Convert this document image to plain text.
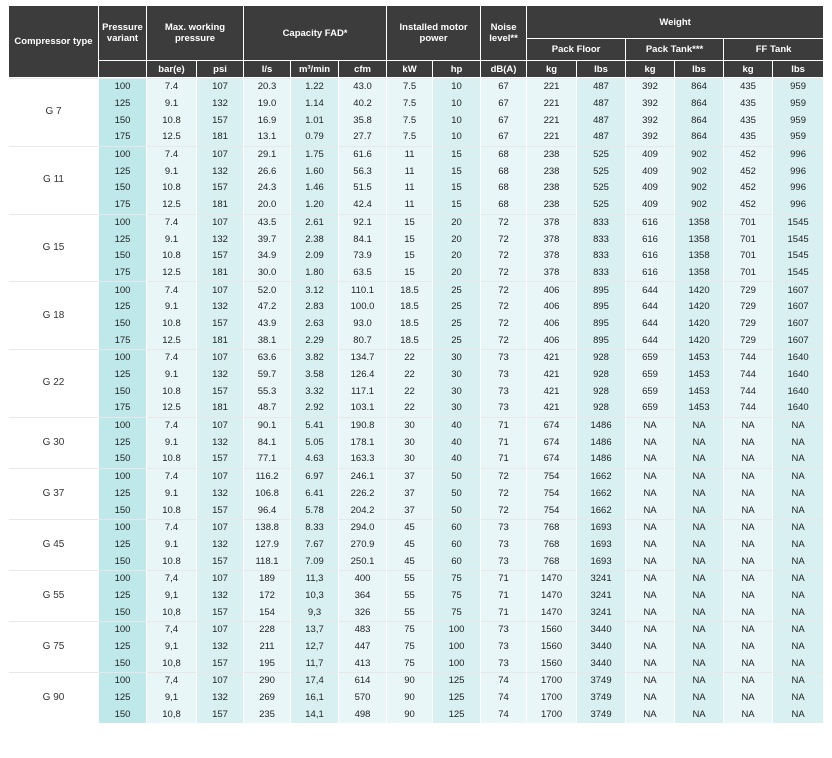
Compressor type	Pressure variant	Max. working pressure		Capacity FAD*			Installed motor power		Noise level**	Weight					
										Pack Floor		Pack Tank***		FF Tank	
		bar(e)	psi	l/s	m³/min	cfm	kW	hp	dB(A)	kg	lbs	kg	lbs	kg	lbs
G 7	100	7.4	107	20.3	1.22	43.0	7.5	10	67	221	487	392	864	435	959
	125	9.1	132	19.0	1.14	40.2	7.5	10	67	221	487	392	864	435	959
	150	10.8	157	16.9	1.01	35.8	7.5	10	67	221	487	392	864	435	959
	175	12.5	181	13.1	0.79	27.7	7.5	10	67	221	487	392	864	435	959
G 11	100	7.4	107	29.1	1.75	61.6	11	15	68	238	525	409	902	452	996
	125	9.1	132	26.6	1.60	56.3	11	15	68	238	525	409	902	452	996
	150	10.8	157	24.3	1.46	51.5	11	15	68	238	525	409	902	452	996
	175	12.5	181	20.0	1.20	42.4	11	15	68	238	525	409	902	452	996
G 15	100	7.4	107	43.5	2.61	92.1	15	20	72	378	833	616	1358	701	1545
	125	9.1	132	39.7	2.38	84.1	15	20	72	378	833	616	1358	701	1545
	150	10.8	157	34.9	2.09	73.9	15	20	72	378	833	616	1358	701	1545
	175	12.5	181	30.0	1.80	63.5	15	20	72	378	833	616	1358	701	1545
G 18	100	7.4	107	52.0	3.12	110.1	18.5	25	72	406	895	644	1420	729	1607
	125	9.1	132	47.2	2.83	100.0	18.5	25	72	406	895	644	1420	729	1607
	150	10.8	157	43.9	2.63	93.0	18.5	25	72	406	895	644	1420	729	1607
	175	12.5	181	38.1	2.29	80.7	18.5	25	72	406	895	644	1420	729	1607
G 22	100	7.4	107	63.6	3.82	134.7	22	30	73	421	928	659	1453	744	1640
	125	9.1	132	59.7	3.58	126.4	22	30	73	421	928	659	1453	744	1640
	150	10.8	157	55.3	3.32	117.1	22	30	73	421	928	659	1453	744	1640
	175	12.5	181	48.7	2.92	103.1	22	30	73	421	928	659	1453	744	1640
G 30	100	7.4	107	90.1	5.41	190.8	30	40	71	674	1486	NA	NA	NA	NA
	125	9.1	132	84.1	5.05	178.1	30	40	71	674	1486	NA	NA	NA	NA
	150	10.8	157	77.1	4.63	163.3	30	40	71	674	1486	NA	NA	NA	NA
G 37	100	7.4	107	116.2	6.97	246.1	37	50	72	754	1662	NA	NA	NA	NA
	125	9.1	132	106.8	6.41	226.2	37	50	72	754	1662	NA	NA	NA	NA
	150	10.8	157	96.4	5.78	204.2	37	50	72	754	1662	NA	NA	NA	NA
G 45	100	7.4	107	138.8	8.33	294.0	45	60	73	768	1693	NA	NA	NA	NA
	125	9.1	132	127.9	7.67	270.9	45	60	73	768	1693	NA	NA	NA	NA
	150	10.8	157	118.1	7.09	250.1	45	60	73	768	1693	NA	NA	NA	NA
G 55	100	7,4	107	189	11,3	400	55	75	71	1470	3241	NA	NA	NA	NA
	125	9,1	132	172	10,3	364	55	75	71	1470	3241	NA	NA	NA	NA
	150	10,8	157	154	9,3	326	55	75	71	1470	3241	NA	NA	NA	NA
G 75	100	7,4	107	228	13,7	483	75	100	73	1560	3440	NA	NA	NA	NA
	125	9,1	132	211	12,7	447	75	100	73	1560	3440	NA	NA	NA	NA
	150	10,8	157	195	11,7	413	75	100	73	1560	3440	NA	NA	NA	NA
G 90	100	7,4	107	290	17,4	614	90	125	74	1700	3749	NA	NA	NA	NA
	125	9,1	132	269	16,1	570	90	125	74	1700	3749	NA	NA	NA	NA
	150	10,8	157	235	14,1	498	90	125	74	1700	3749	NA	NA	NA	NA
